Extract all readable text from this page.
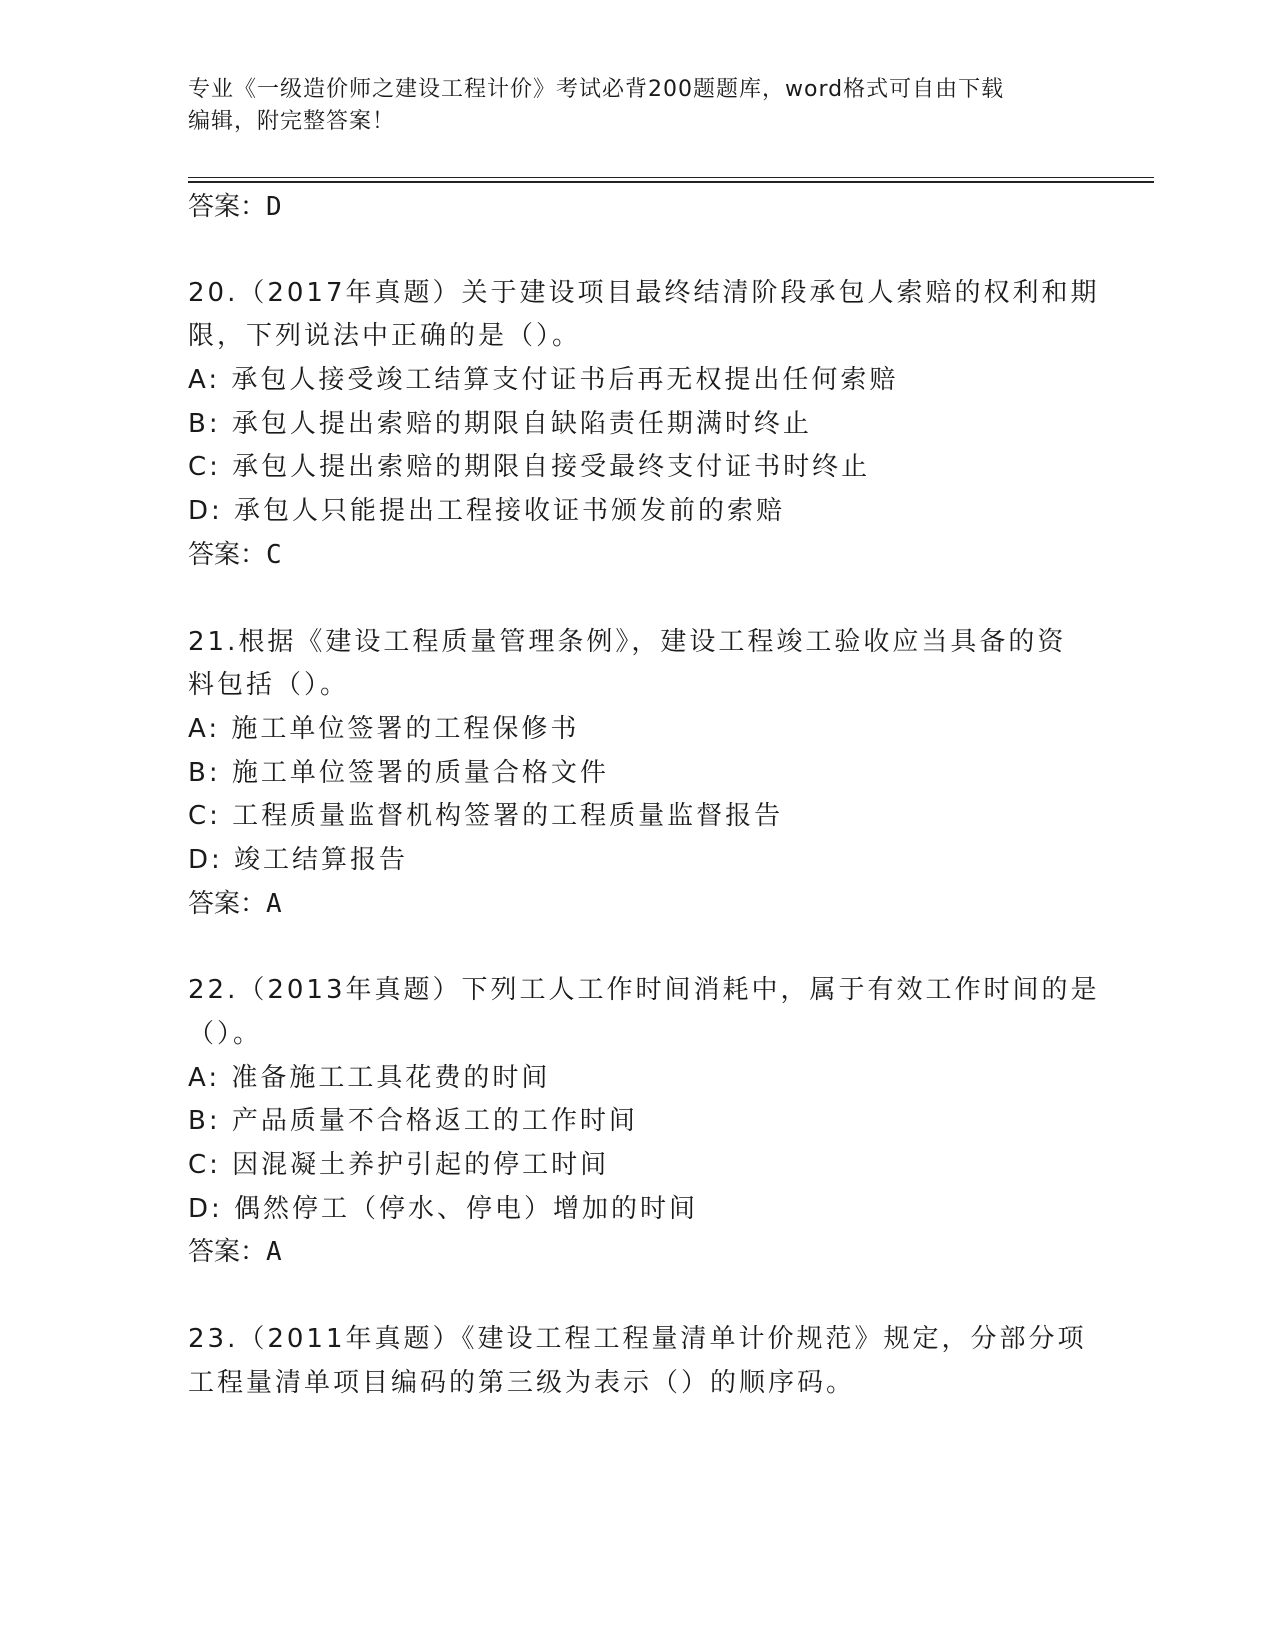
专业《一级造价师之建设工程计价》考试必背200题题库，word格式可自由下载
编辑，附完整答案！
答案：D
20.（2017年真题）关于建设项目最终结清阶段承包人索赔的权利和期
限，下列说法中正确的是（）。
A: 承包人接受竣工结算支付证书后再无权提出任何索赔
B: 承包人提出索赔的期限自缺陷责任期满时终止
C: 承包人提出索赔的期限自接受最终支付证书时终止
D: 承包人只能提出工程接收证书颁发前的索赔
答案：C
21.根据《建设工程质量管理条例》，建设工程竣工验收应当具备的资
料包括（）。
A: 施工单位签署的工程保修书
B: 施工单位签署的质量合格文件
C: 工程质量监督机构签署的工程质量监督报告
D: 竣工结算报告
答案：A
22.（2013年真题）下列工人工作时间消耗中，属于有效工作时间的是
（）。
A: 准备施工工具花费的时间
B: 产品质量不合格返工的工作时间
C: 因混凝土养护引起的停工时间
D: 偶然停工（停水、停电）增加的时间
答案：A
23.（2011年真题）《建设工程工程量清单计价规范》规定，分部分项
工程量清单项目编码的第三级为表示（）的顺序码。
